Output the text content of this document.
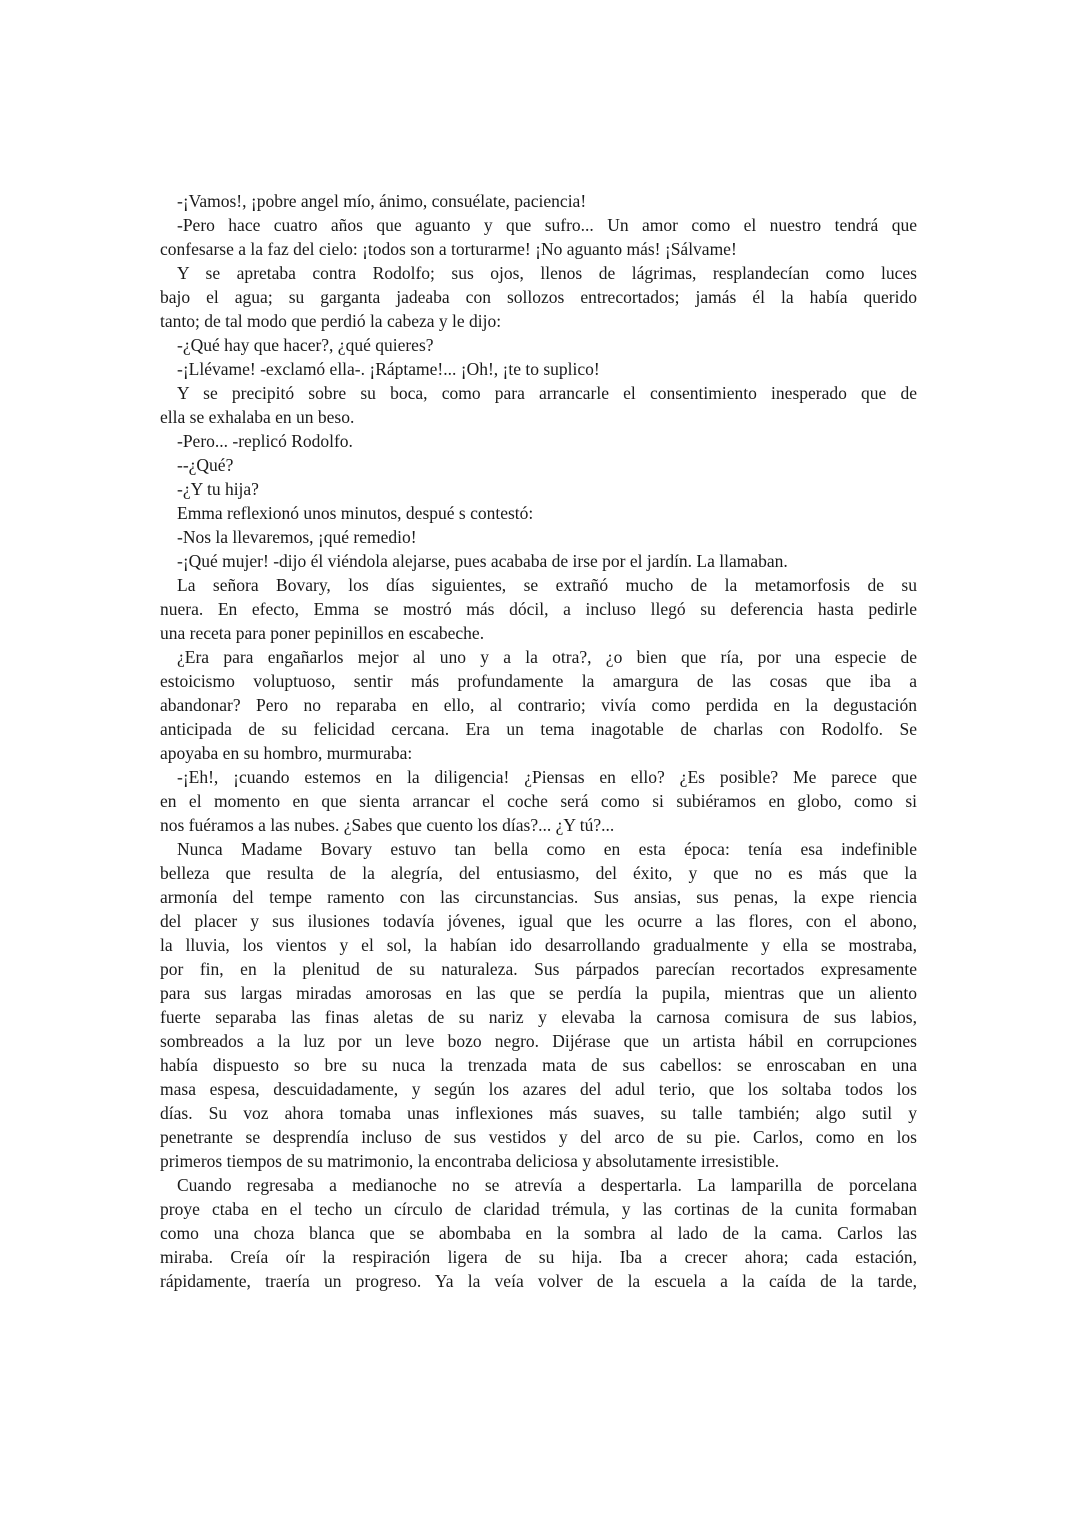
-¡Vamos!, ¡pobre angel mío, ánimo, consuélate, paciencia!
-Pero hace cuatro años que aguanto y que sufro... Un amor como el nuestro tendrá que
confesarse a la faz del cielo: ¡todos son a torturarme! ¡No aguanto más! ¡Sálvame!
Y se apretaba contra Rodolfo; sus ojos, llenos de lágrimas, resplandecían como luces
bajo el agua; su garganta jadeaba con sollozos entrecortados; jamás él la había querido
tanto; de tal modo que perdió la cabeza y le dijo:
-¿Qué hay que hacer?, ¿qué quieres?
-¡Llévame! -exclamó ella-. ¡Ráptame!... ¡Oh!, ¡te to suplico!
Y se precipitó sobre su boca, como para arrancarle el consentimiento inesperado que de
ella se exhalaba en un beso.
-Pero... -replicó Rodolfo.
--¿Qué?
-¿Y tu hija?
Emma reflexionó unos minutos, despué s contestó:
-Nos la llevaremos, ¡qué remedio!
-¡Qué mujer! -dijo él viéndola alejarse, pues acababa de irse por el jardín. La llamaban.
La señora Bovary, los días siguientes, se extrañó mucho de la metamorfosis de su
nuera. En efecto, Emma se mostró más dócil, a incluso llegó su deferencia hasta pedirle
una receta para poner pepinillos en escabeche.
¿Era para engañarlos mejor al uno y a la otra?, ¿o bien que ría, por una especie de
estoicismo voluptuoso, sentir más profundamente la amargura de las cosas que iba a
abandonar? Pero no reparaba en ello, al contrario; vivía como perdida en la degustación
anticipada de su felicidad cercana. Era un tema inagotable de charlas con Rodolfo. Se
apoyaba en su hombro, murmuraba:
-¡Eh!, ¡cuando estemos en la diligencia! ¿Piensas en ello? ¿Es posible? Me parece que
en el momento en que sienta arrancar el coche será como si subiéramos en globo, como si
nos fuéramos a las nubes. ¿Sabes que cuento los días?... ¿Y tú?...
Nunca Madame Bovary estuvo tan bella como en esta época: tenía esa indefinible
belleza que resulta de la alegría, del entusiasmo, del éxito, y que no es más que la
armonía del tempe ramento con las circunstancias. Sus ansias, sus penas, la expe riencia
del placer y sus ilusiones todavía jóvenes, igual que les ocurre a las flores, con el abono,
la lluvia, los vientos y el sol, la habían ido desarrollando gradualmente y ella se mostraba,
por fin, en la plenitud de su naturaleza. Sus párpados parecían recortados expresamente
para sus largas miradas amorosas en las que se perdía la pupila, mientras que un aliento
fuerte separaba las finas aletas de su nariz y elevaba la carnosa comisura de sus labios,
sombreados a la luz por un leve bozo negro. Dijérase que un artista hábil en corrupciones
había dispuesto so bre su nuca la trenzada mata de sus cabellos: se enroscaban en una
masa espesa, descuidadamente, y según los azares del adul terio, que los soltaba todos los
días. Su voz ahora tomaba unas inflexiones más suaves, su talle también; algo sutil y
penetrante se desprendía incluso de sus vestidos y del arco de su pie. Carlos, como en los
primeros tiempos de su matrimonio, la encontraba deliciosa y absolutamente irresistible.
Cuando regresaba a medianoche no se atrevía a despertarla. La lamparilla de porcelana
proye ctaba en el techo un círculo de claridad trémula, y las cortinas de la cunita formaban
como una choza blanca que se abombaba en la sombra al lado de la cama. Carlos las
miraba. Creía oír la respiración ligera de su hija. Iba a crecer ahora; cada estación,
rápidamente, traería un progreso. Ya la veía volver de la escuela a la caída de la tarde,
